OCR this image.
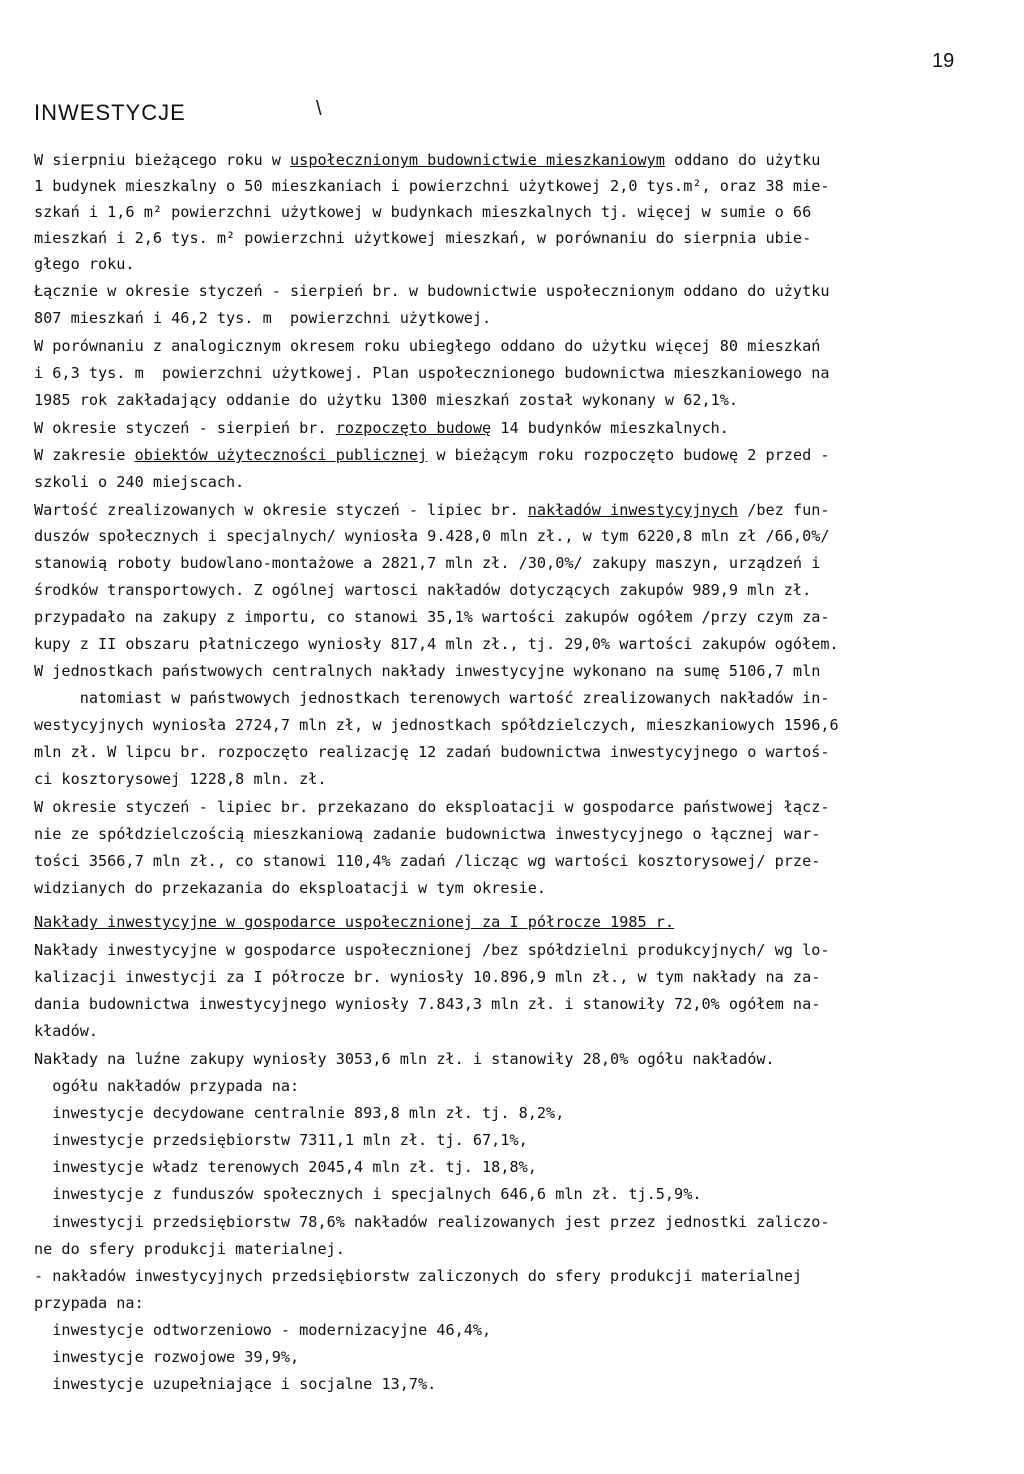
19
INWESTYCJE	\
W sierpniu bieżącego roku w uspołecznionym budownictwie mieszkaniowym oddano do użytku
1 budynek mieszkalny o 50 mieszkaniach i powierzchni użytkowej 2,0 tys.m², oraz 38 mie-
szkań i 1,6 m² powierzchni użytkowej w budynkach mieszkalnych tj. więcej w sumie o 66
mieszkań i 2,6 tys. m² powierzchni użytkowej mieszkań, w porównaniu do sierpnia ubie-
głego roku.
Łącznie w okresie styczeń - sierpień br. w budownictwie uspołecznionym oddano do użytku
807 mieszkań i 46,2 tys. m  powierzchni użytkowej.
W porównaniu z analogicznym okresem roku ubiegłego oddano do użytku więcej 80 mieszkań
i 6,3 tys. m  powierzchni użytkowej. Plan uspołecznionego budownictwa mieszkaniowego na
1985 rok zakładający oddanie do użytku 1300 mieszkań został wykonany w 62,1%.
W okresie styczeń - sierpień br. rozpoczęto budowę 14 budynków mieszkalnych.
W zakresie obiektów użyteczności publicznej w bieżącym roku rozpoczęto budowę 2 przed -
szkoli o 240 miejscach.
Wartość zrealizowanych w okresie styczeń - lipiec br. nakładów inwestycyjnych /bez fun-
duszów społecznych i specjalnych/ wyniosła 9.428,0 mln zł., w tym 6220,8 mln zł /66,0%/
stanowią roboty budowlano-montażowe a 2821,7 mln zł. /30,0%/ zakupy maszyn, urządzeń i
środków transportowych. Z ogólnej wartosci nakładów dotyczących zakupów 989,9 mln zł.
przypadało na zakupy z importu, co stanowi 35,1% wartości zakupów ogółem /przy czym za-
kupy z II obszaru płatniczego wyniosły 817,4 mln zł., tj. 29,0% wartości zakupów ogółem.
W jednostkach państwowych centralnych nakłady inwestycyjne wykonano na sumę 5106,7 mln
natomiast w państwowych jednostkach terenowych wartość zrealizowanych nakładów in-
westycyjnych wyniosła 2724,7 mln zł, w jednostkach spółdzielczych, mieszkaniowych 1596,6
mln zł. W lipcu br. rozpoczęto realizację 12 zadań budownictwa inwestycyjnego o wartoś-
ci kosztorysowej 1228,8 mln. zł.
W okresie styczeń - lipiec br. przekazano do eksploatacji w gospodarce państwowej łącz-
nie ze spółdzielczością mieszkaniową zadanie budownictwa inwestycyjnego o łącznej war-
tości 3566,7 mln zł., co stanowi 110,4% zadań /licząc wg wartości kosztorysowej/ prze-
widzianych do przekazania do eksploatacji w tym okresie.
Nakłady inwestycyjne w gospodarce uspołecznionej za I półrocze 1985 r.
Nakłady inwestycyjne w gospodarce uspołecznionej /bez spółdzielni produkcyjnych/ wg lo-
kalizacji inwestycji za I półrocze br. wyniosły 10.896,9 mln zł., w tym nakłady na za-
dania budownictwa inwestycyjnego wyniosły 7.843,3 mln zł. i stanowiły 72,0% ogółem na-
kładów.
Nakłady na luźne zakupy wyniosły 3053,6 mln zł. i stanowiły 28,0% ogółu nakładów.
ogółu nakładów przypada na:
inwestycje decydowane centralnie 893,8 mln zł. tj. 8,2%,
inwestycje przedsiębiorstw 7311,1 mln zł. tj. 67,1%,
inwestycje władz terenowych 2045,4 mln zł. tj. 18,8%,
inwestycje z funduszów społecznych i specjalnych 646,6 mln zł. tj.5,9%.
inwestycji przedsiębiorstw 78,6% nakładów realizowanych jest przez jednostki zaliczo-
ne do sfery produkcji materialnej.
- nakładów inwestycyjnych przedsiębiorstw zaliczonych do sfery produkcji materialnej
przypada na:
inwestycje odtworzeniowo - modernizacyjne 46,4%,
inwestycje rozwojowe 39,9%,
inwestycje uzupełniające i socjalne 13,7%.
